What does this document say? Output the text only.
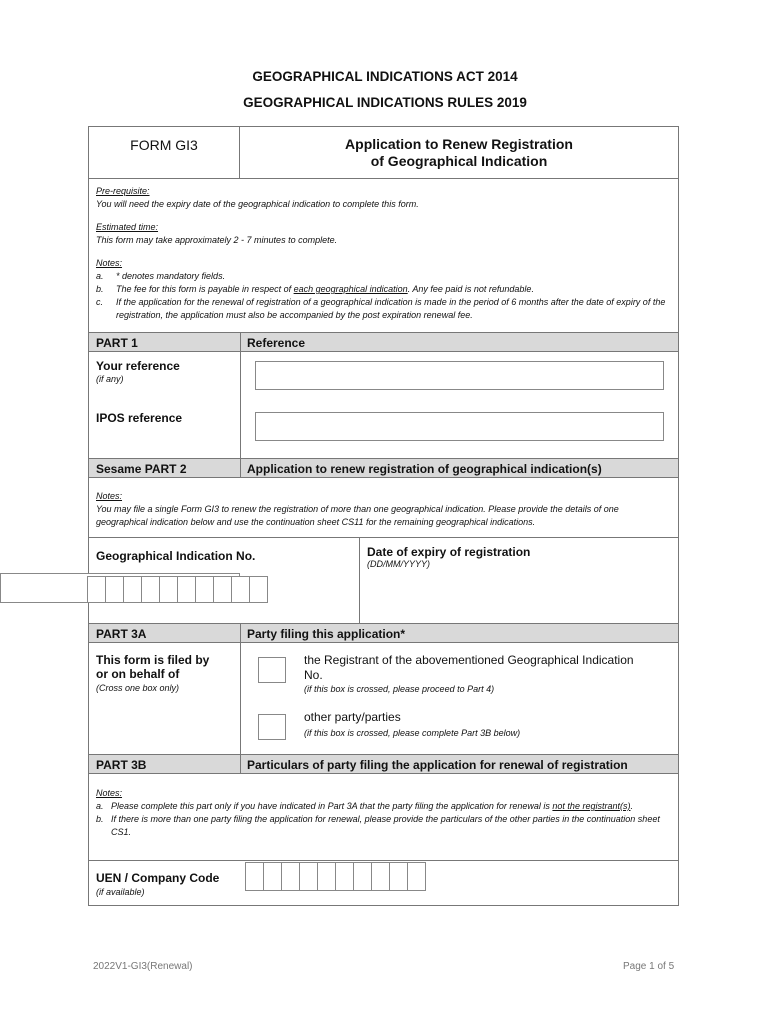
GEOGRAPHICAL INDICATIONS ACT 2014
GEOGRAPHICAL INDICATIONS RULES 2019
FORM GI3	Application to Renew Registration
of Geographical Indication
Pre-requisite:
You will need the expiry date of the geographical indication to complete this form.
Estimated time:
This form may take approximately 2 - 7 minutes to complete.
Notes:
a.	* denotes mandatory fields.
b.	The fee for this form is payable in respect of each geographical indication. Any fee paid is not refundable.
c.	If the application for the renewal of registration of a geographical indication is made in the period of 6 months after the date of expiry of the registration, the application must also be accompanied by the post expiration renewal fee.
PART 1	Reference
Your reference
(if any)
IPOS reference
Sesame PART 2	Application to renew registration of geographical indication(s)
Notes:
You may file a single Form GI3 to renew the registration of more than one geographical indication. Please provide the details of one geographical indication below and use the continuation sheet CS11 for the remaining geographical indications.
Geographical Indication No.	Date of expiry of registration
(DD/MM/YYYY)
PART 3A	Party filing this application*
This form is filed by
or on behalf of
(Cross one box only)
the Registrant of the abovementioned Geographical Indication
No.
(if this box is crossed, please proceed to Part 4)
other party/parties
(if this box is crossed, please complete Part 3B below)
PART 3B	Particulars of party filing the application for renewal of registration
Notes:
a. Please complete this part only if you have indicated in Part 3A that the party filing the application for renewal is not the registrant(s).
b. If there is more than one party filing the application for renewal, please provide the particulars of the other parties in the continuation sheet CS1.
UEN / Company Code
(if available)
2022V1-GI3(Renewal)	Page 1 of 5
